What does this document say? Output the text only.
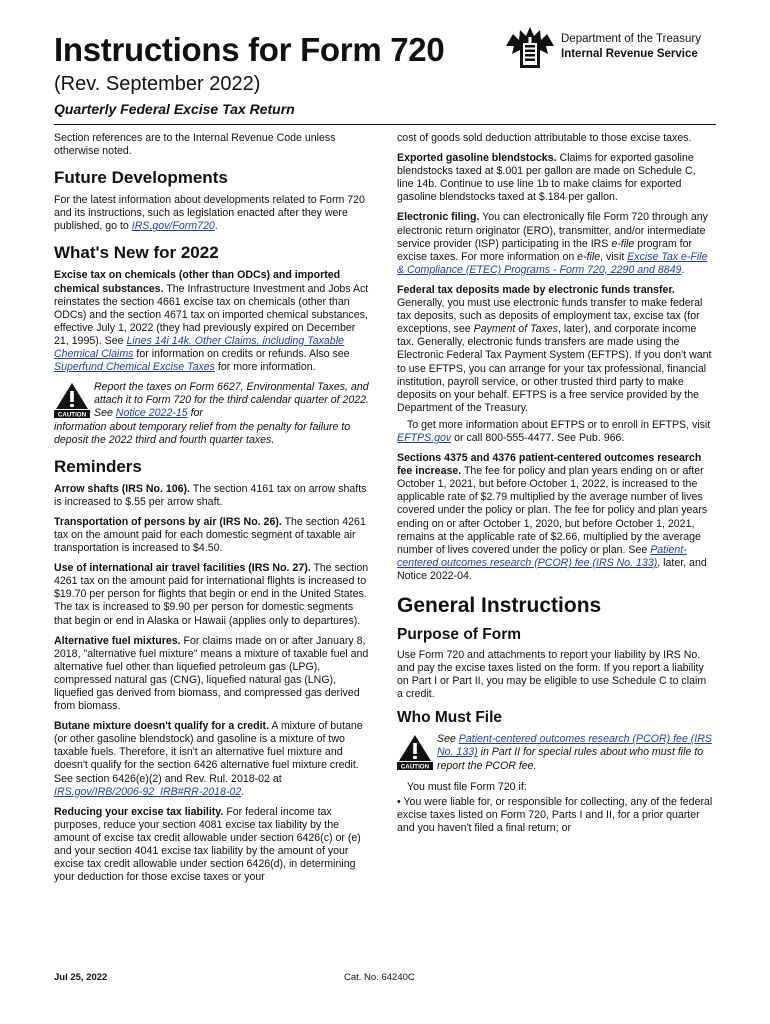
Instructions for Form 720
(Rev. September 2022)
Quarterly Federal Excise Tax Return
Department of the Treasury
Internal Revenue Service

Section references are to the Internal Revenue Code unless otherwise noted.

Future Developments

For the latest information about developments related to Form 720 and its instructions, such as legislation enacted after they were published, go to IRS.gov/Form720.

What's New for 2022

Excise tax on chemicals (other than ODCs) and imported chemical substances. The Infrastructure Investment and Jobs Act reinstates the section 4661 excise tax on chemicals (other than ODCs) and the section 4671 tax on imported chemical substances, effective July 1, 2022 (they had previously expired on December 21, 1995). See Lines 14i 14k. Other Claims, including Taxable Chemical Claims for information on credits or refunds. Also see Superfund Chemical Excise Taxes for more information.

CAUTION
Report the taxes on Form 6627, Environmental Taxes, and attach it to Form 720 for the third calendar quarter of 2022. See Notice 2022-15 for

information about temporary relief from the penalty for failure to deposit the 2022 third and fourth quarter taxes.

Reminders

Arrow shafts (IRS No. 106). The section 4161 tax on arrow shafts is increased to $.55 per arrow shaft.

Transportation of persons by air (IRS No. 26). The section 4261 tax on the amount paid for each domestic segment of taxable air transportation is increased to $4.50.

Use of international air travel facilities (IRS No. 27). The section 4261 tax on the amount paid for international flights is increased to $19.70 per person for flights that begin or end in the United States. The tax is increased to $9.90 per person for domestic segments that begin or end in Alaska or Hawaii (applies only to departures).

Alternative fuel mixtures. For claims made on or after January 8, 2018, "alternative fuel mixture" means a mixture of taxable fuel and alternative fuel other than liquefied petroleum gas (LPG), compressed natural gas (CNG), liquefied natural gas (LNG), liquefied gas derived from biomass, and compressed gas derived from biomass.

Butane mixture doesn't qualify for a credit. A mixture of butane (or other gasoline blendstock) and gasoline is a mixture of two taxable fuels. Therefore, it isn't an alternative fuel mixture and doesn't qualify for the section 6426 alternative fuel mixture credit. See section 6426(e)(2) and Rev. Rul. 2018-02 at IRS.gov/IRB/2006-92_IRB#RR-2018-02.

Reducing your excise tax liability. For federal income tax purposes, reduce your section 4081 excise tax liability by the amount of excise tax credit allowable under section 6426(c) or (e) and your section 4041 excise tax liability by the amount of your excise tax credit allowable under section 6426(d), in determining your deduction for those excise taxes or your

cost of goods sold deduction attributable to those excise taxes.

Exported gasoline blendstocks. Claims for exported gasoline blendstocks taxed at $.001 per gallon are made on Schedule C, line 14b. Continue to use line 1b to make claims for exported gasoline blendstocks taxed at $.184 per gallon.

Electronic filing. You can electronically file Form 720 through any electronic return originator (ERO), transmitter, and/or intermediate service provider (ISP) participating in the IRS e-file program for excise taxes. For more information on e-file, visit Excise Tax e-File & Compliance (ETEC) Programs - Form 720, 2290 and 8849.

Federal tax deposits made by electronic funds transfer. Generally, you must use electronic funds transfer to make federal tax deposits, such as deposits of employment tax, excise tax (for exceptions, see Payment of Taxes, later), and corporate income tax. Generally, electronic funds transfers are made using the Electronic Federal Tax Payment System (EFTPS). If you don't want to use EFTPS, you can arrange for your tax professional, financial institution, payroll service, or other trusted third party to make deposits on your behalf. EFTPS is a free service provided by the Department of the Treasury.

To get more information about EFTPS or to enroll in EFTPS, visit EFTPS.gov or call 800-555-4477. See Pub. 966.

Sections 4375 and 4376 patient-centered outcomes research fee increase. The fee for policy and plan years ending on or after October 1, 2021, but before October 1, 2022, is increased to the applicable rate of $2.79 multiplied by the average number of lives covered under the policy or plan. The fee for policy and plan years ending on or after October 1, 2020, but before October 1, 2021, remains at the applicable rate of $2.66, multiplied by the average number of lives covered under the policy or plan. See Patient-centered outcomes research (PCOR) fee (IRS No. 133), later, and Notice 2022-04.

General Instructions
Purpose of Form

Use Form 720 and attachments to report your liability by IRS No. and pay the excise taxes listed on the form. If you report a liability on Part I or Part II, you may be eligible to use Schedule C to claim a credit.

Who Must File
CAUTION
See Patient-centered outcomes research (PCOR) fee (IRS No. 133) in Part II for special rules about who must file to report the PCOR fee.

You must file Form 720 if:

• You were liable for, or responsible for collecting, any of the federal excise taxes listed on Form 720, Parts I and II, for a prior quarter and you haven't filed a final return; or

Jul 25, 2022	Cat. No. 64240C
